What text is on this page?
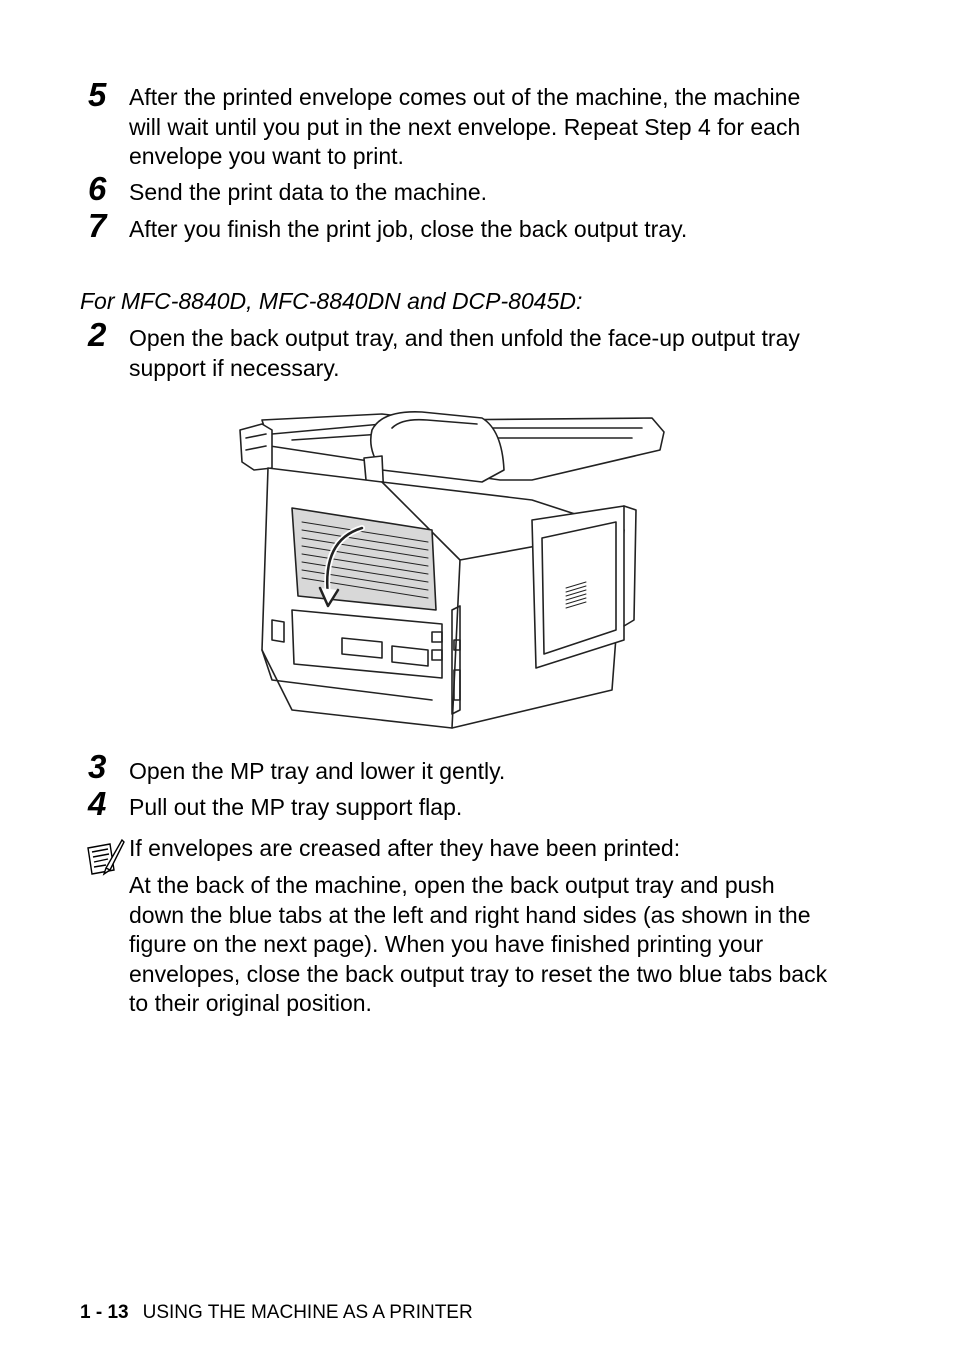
5 After the printed envelope comes out of the machine, the machine will wait until you put in the next envelope. Repeat Step 4 for each envelope you want to print.

6 Send the print data to the machine.

7 After you finish the print job, close the back output tray.

For MFC-8840D, MFC-8840DN and DCP-8045D:
2 Open the back output tray, and then unfold the face-up output tray support if necessary.

3 Open the MP tray and lower it gently.

4 Pull out the MP tray support flap.

If envelopes are creased after they have been printed:

At the back of the machine, open the back output tray and push down the blue tabs at the left and right hand sides (as shown in the figure on the next page). When you have finished printing your envelopes, close the back output tray to reset the two blue tabs back to their original position.

1 - 13 USING THE MACHINE AS A PRINTER
